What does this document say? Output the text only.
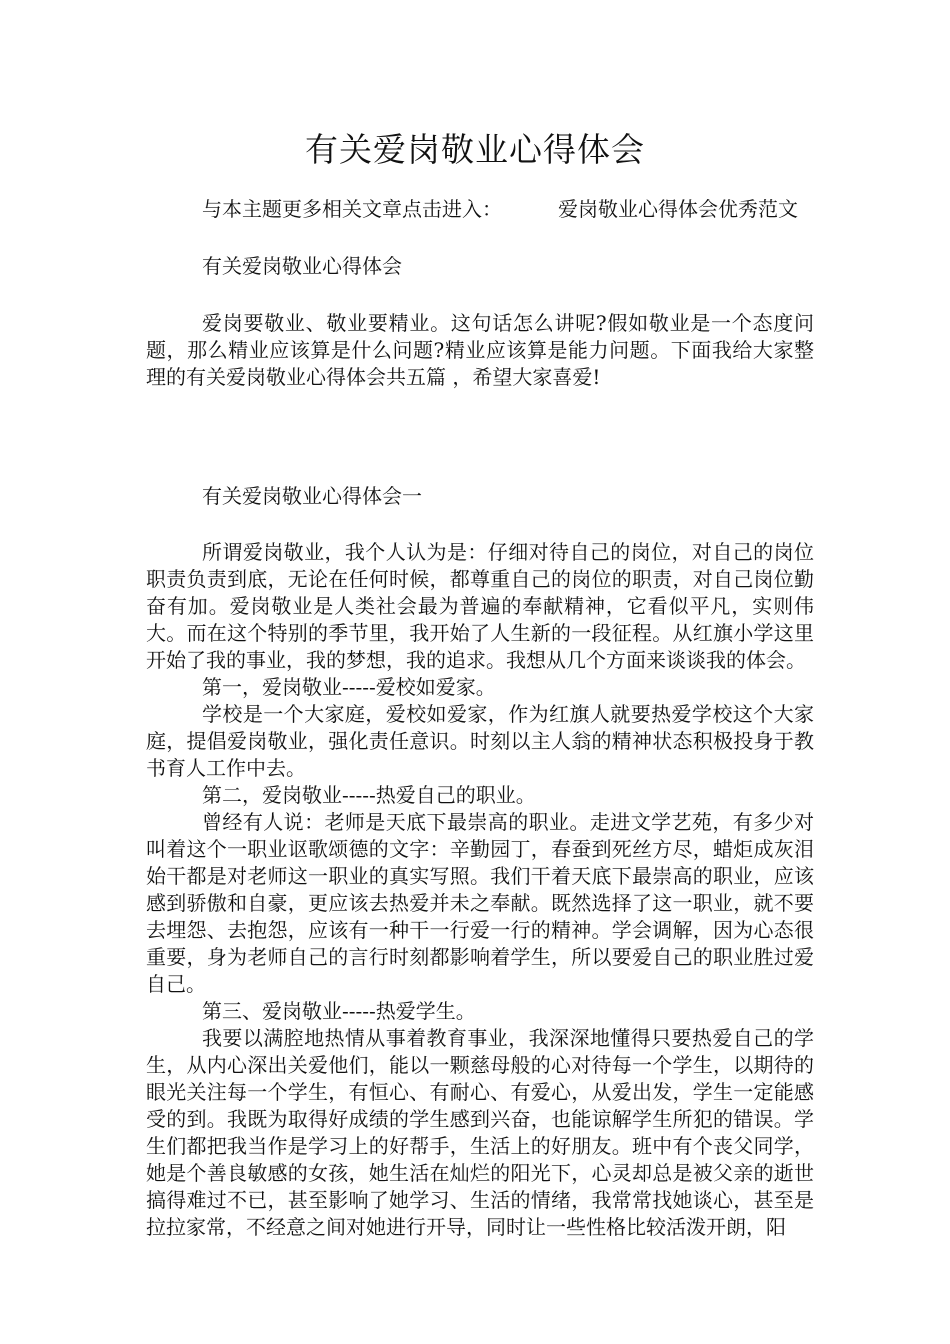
有关爱岗敬业心得体会

与本主题更多相关文章点击进入：	爱岗敬业心得体会优秀范文

有关爱岗敬业心得体会

爱岗要敬业、敬业要精业。这句话怎么讲呢?假如敬业是一个态度问题，那么精业应该算是什么问题?精业应该算是能力问题。下面我给大家整理的有关爱岗敬业心得体会共五篇 ，希望大家喜爱!

有关爱岗敬业心得体会一

所谓爱岗敬业，我个人认为是：仔细对待自己的岗位，对自己的岗位职责负责到底，无论在任何时候，都尊重自己的岗位的职责，对自己岗位勤奋有加。爱岗敬业是人类社会最为普遍的奉献精神，它看似平凡，实则伟大。而在这个特别的季节里，我开始了人生新的一段征程。从红旗小学这里开始了我的事业，我的梦想，我的追求。我想从几个方面来谈谈我的体会。

第一，爱岗敬业-----爱校如爱家。

学校是一个大家庭，爱校如爱家，作为红旗人就要热爱学校这个大家庭，提倡爱岗敬业，强化责任意识。时刻以主人翁的精神状态积极投身于教书育人工作中去。

第二，爱岗敬业-----热爱自己的职业。

曾经有人说：老师是天底下最崇高的职业。走进文学艺苑，有多少对叫着这个一职业讴歌颂德的文字：辛勤园丁，春蚕到死丝方尽，蜡炬成灰泪始干都是对老师这一职业的真实写照。我们干着天底下最崇高的职业，应该感到骄傲和自豪，更应该去热爱并未之奉献。既然选择了这一职业，就不要去埋怨、去抱怨，应该有一种干一行爱一行的精神。学会调解，因为心态很重要，身为老师自己的言行时刻都影响着学生，所以要爱自己的职业胜过爱自己。

第三、爱岗敬业-----热爱学生。

我要以满腔地热情从事着教育事业，我深深地懂得只要热爱自己的学生，从内心深出关爱他们，能以一颗慈母般的心对待每一个学生，以期待的眼光关注每一个学生，有恒心、有耐心、有爱心，从爱出发，学生一定能感受的到。我既为取得好成绩的学生感到兴奋，也能谅解学生所犯的错误。学生们都把我当作是学习上的好帮手，生活上的好朋友。班中有个丧父同学，她是个善良敏感的女孩，她生活在灿烂的阳光下，心灵却总是被父亲的逝世搞得难过不已，甚至影响了她学习、生活的情绪，我常常找她谈心，甚至是拉拉家常，不经意之间对她进行开导，同时让一些性格比较活泼开朗，阳
